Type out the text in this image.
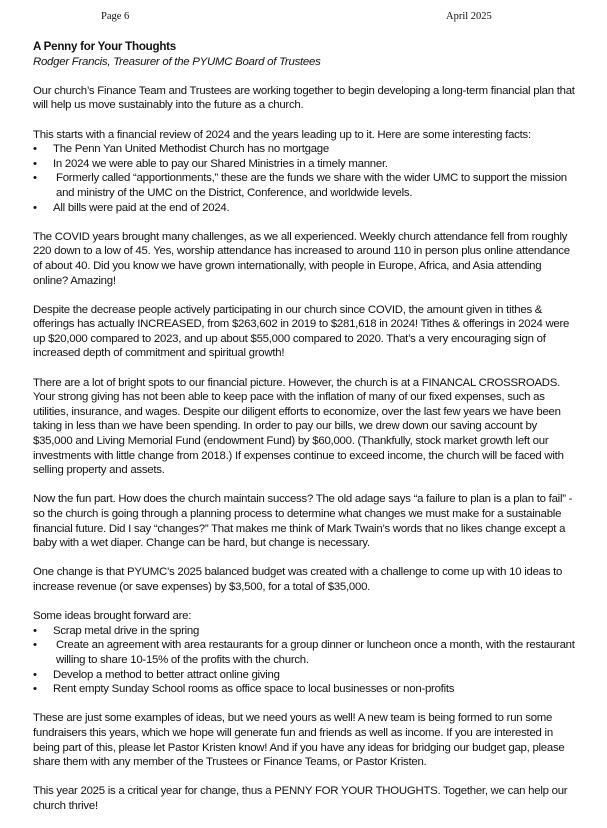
Page 6	April 2025
A Penny for Your Thoughts
Rodger Francis, Treasurer of the PYUMC Board of Trustees

Our church’s Finance Team and Trustees are working together to begin developing a long-term financial plan that will help us move sustainably into the future as a church.

This starts with a financial review of 2024 and the years leading up to it. Here are some interesting facts:
• The Penn Yan United Methodist Church has no mortgage
• In 2024 we were able to pay our Shared Ministries in a timely manner.
• Formerly called “apportionments,” these are the funds we share with the wider UMC to support the mission and ministry of the UMC on the District, Conference, and worldwide levels.
• All bills were paid at the end of 2024.

The COVID years brought many challenges, as we all experienced. Weekly church attendance fell from roughly 220 down to a low of 45. Yes, worship attendance has increased to around 110 in person plus online attendance of about 40. Did you know we have grown internationally, with people in Europe, Africa, and Asia attending online? Amazing!

Despite the decrease people actively participating in our church since COVID, the amount given in tithes & offerings has actually INCREASED, from $263,602 in 2019 to $281,618 in 2024! Tithes & offerings in 2024 were up $20,000 compared to 2023, and up about $55,000 compared to 2020. That’s a very encouraging sign of increased depth of commitment and spiritual growth!

There are a lot of bright spots to our financial picture. However, the church is at a FINANCAL CROSSROADS. Your strong giving has not been able to keep pace with the inflation of many of our fixed expenses, such as utilities, insurance, and wages. Despite our diligent efforts to economize, over the last few years we have been taking in less than we have been spending. In order to pay our bills, we drew down our saving account by $35,000 and Living Memorial Fund (endowment Fund) by $60,000. (Thankfully, stock market growth left our investments with little change from 2018.) If expenses continue to exceed income, the church will be faced with selling property and assets.

Now the fun part. How does the church maintain success? The old adage says “a failure to plan is a plan to fail” - so the church is going through a planning process to determine what changes we must make for a sustainable financial future. Did I say “changes?” That makes me think of Mark Twain’s words that no likes change except a baby with a wet diaper. Change can be hard, but change is necessary.

One change is that PYUMC’s 2025 balanced budget was created with a challenge to come up with 10 ideas to increase revenue (or save expenses) by $3,500, for a total of $35,000.

Some ideas brought forward are:
• Scrap metal drive in the spring
• Create an agreement with area restaurants for a group dinner or luncheon once a month, with the restaurant willing to share 10-15% of the profits with the church.
• Develop a method to better attract online giving
• Rent empty Sunday School rooms as office space to local businesses or non-profits

These are just some examples of ideas, but we need yours as well! A new team is being formed to run some fundraisers this years, which we hope will generate fun and friends as well as income. If you are interested in being part of this, please let Pastor Kristen know! And if you have any ideas for bridging our budget gap, please share them with any member of the Trustees or Finance Teams, or Pastor Kristen.

This year 2025 is a critical year for change, thus a PENNY FOR YOUR THOUGHTS. Together, we can help our church thrive!
